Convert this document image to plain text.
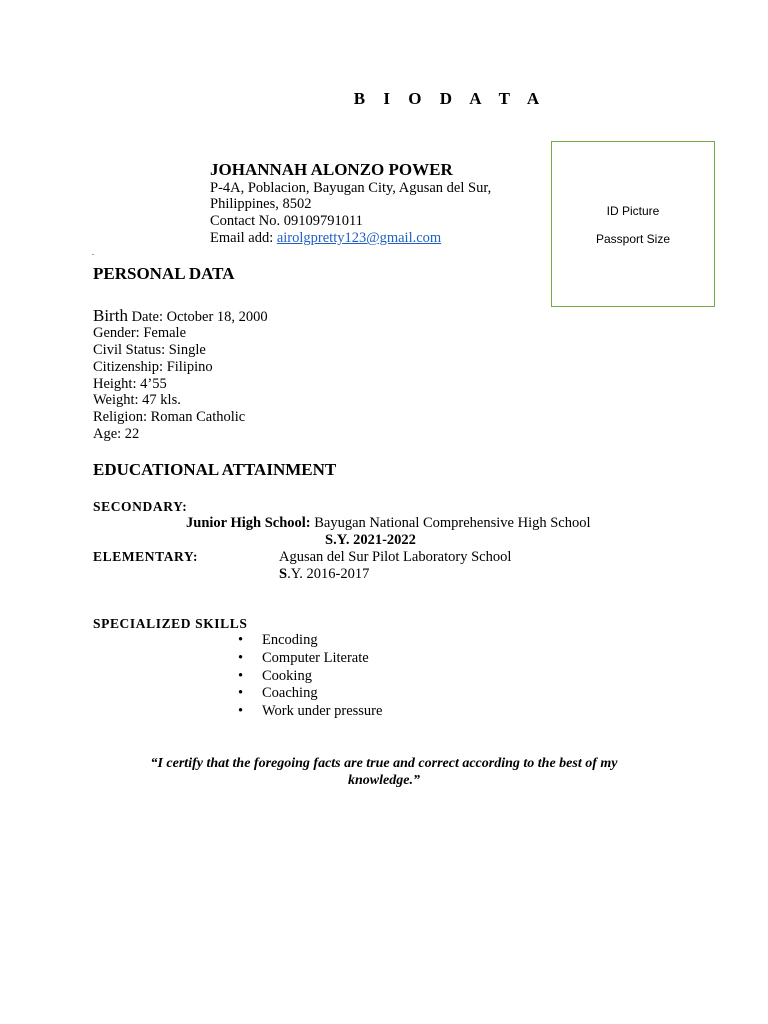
B I O D A T A
JOHANNAH ALONZO POWER
P-4A, Poblacion, Bayugan City, Agusan del Sur,
Philippines, 8502
Contact No. 09109791011
Email add: airolgpretty123@gmail.com
ID Picture
Passport Size
.
PERSONAL DATA
Birth Date: October 18, 2000
Gender: Female
Civil Status: Single
Citizenship: Filipino
Height: 4’55
Weight: 47 kls.
Religion: Roman Catholic
Age: 22
EDUCATIONAL ATTAINMENT
SECONDARY:
Junior High School: Bayugan National Comprehensive High School
S.Y. 2021-2022
ELEMENTARY:	Agusan del Sur Pilot Laboratory School
S.Y. 2016-2017
SPECIALIZED SKILLS
• Encoding
• Computer Literate
• Cooking
• Coaching
• Work under pressure
“I certify that the foregoing facts are true and correct according to the best of my
knowledge.”
